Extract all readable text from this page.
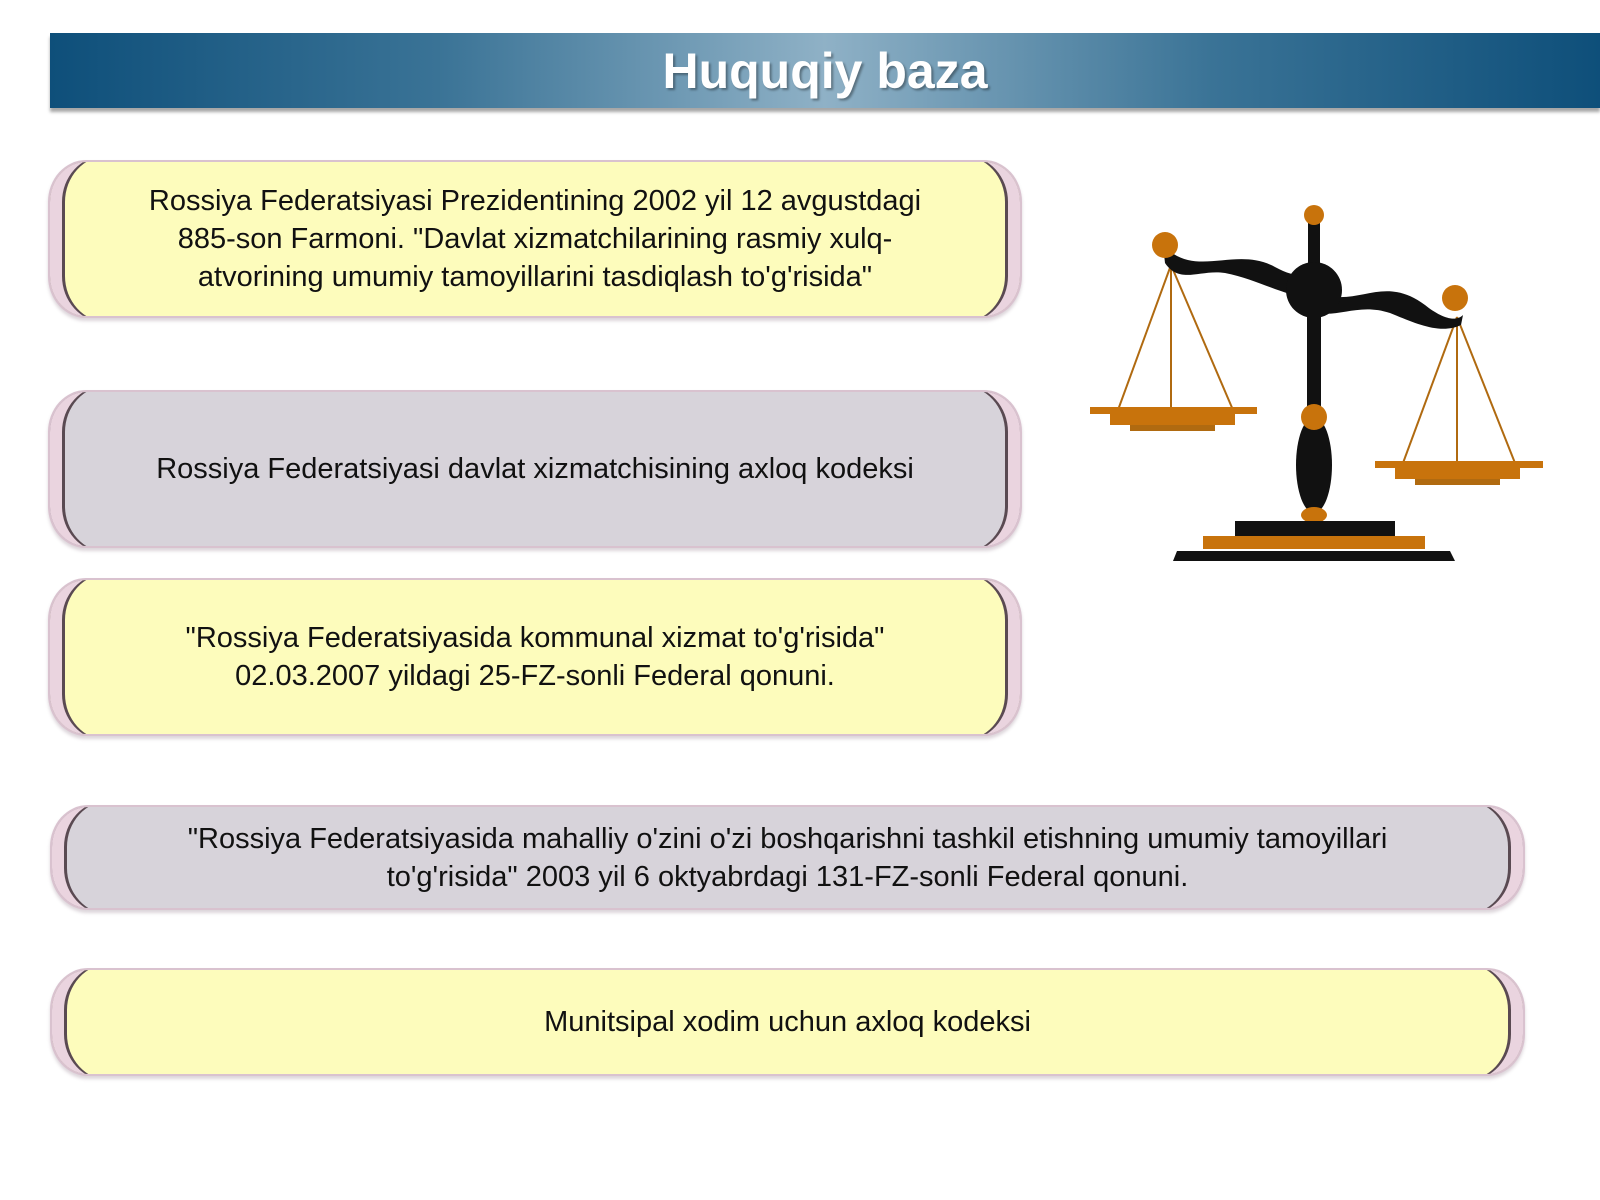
Huquqiy baza
Rossiya Federatsiyasi Prezidentining 2002 yil 12 avgustdagi
885-son Farmoni. "Davlat xizmatchilarining rasmiy xulq-
atvorining umumiy tamoyillarini tasdiqlash to'g'risida"
Rossiya Federatsiyasi davlat xizmatchisining axloq kodeksi
"Rossiya Federatsiyasida kommunal xizmat to'g'risida"
02.03.2007 yildagi 25-FZ-sonli Federal qonuni.
"Rossiya Federatsiyasida mahalliy o'zini o'zi boshqarishni tashkil etishning umumiy tamoyillari
to'g'risida" 2003 yil 6 oktyabrdagi 131-FZ-sonli Federal qonuni.
Munitsipal xodim uchun axloq kodeksi
